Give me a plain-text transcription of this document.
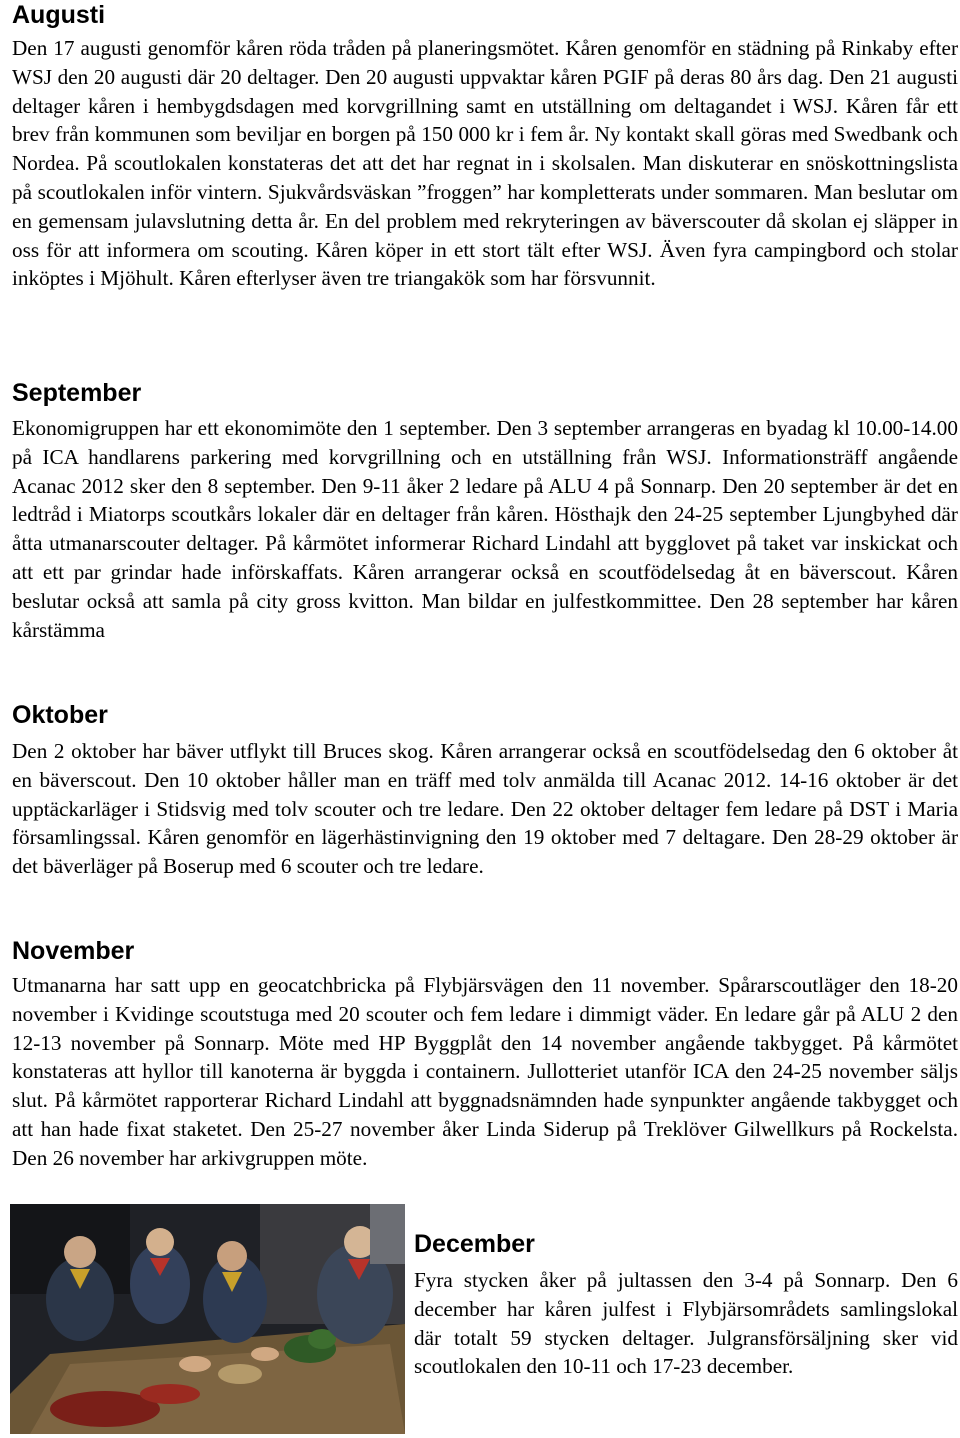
Augusti

Den 17 augusti genomför kåren röda tråden på planeringsmötet. Kåren genomför en städning på Rinkaby efter WSJ den 20 augusti där 20 deltager. Den 20 augusti uppvaktar kåren PGIF på deras 80 års dag. Den 21 augusti deltager kåren i hembygdsdagen med korvgrillning samt en utställning om deltagandet i WSJ. Kåren får ett brev från kommunen som beviljar en borgen på 150 000 kr i fem år. Ny kontakt skall göras med Swedbank och Nordea. På scoutlokalen konstateras det att det har regnat in i skolsalen. Man diskuterar en snöskottningslista på scoutlokalen inför vintern. Sjukvårdsväskan ”froggen” har kompletterats under sommaren. Man beslutar om en gemensam julavslutning detta år. En del problem med rekryteringen av bäverscouter då skolan ej släpper in oss för att informera om scouting. Kåren köper in ett stort tält efter WSJ. Även fyra campingbord och stolar inköptes i Mjöhult. Kåren efterlyser även tre triangakök som har försvunnit.

September

Ekonomigruppen har ett ekonomimöte den 1 september. Den 3 september arrangeras en byadag kl 10.00-14.00 på ICA handlarens parkering med korvgrillning och en utställning från WSJ. Informationsträff angående Acanac 2012 sker den 8 september. Den 9-11 åker 2 ledare på ALU 4 på Sonnarp. Den 20 september är det en ledtråd i Miatorps scoutkårs lokaler där en deltager från kåren. Hösthajk den 24-25 september Ljungbyhed där åtta utmanarscouter deltager. På kårmötet informerar Richard Lindahl att bygglovet på taket var inskickat och att ett par grindar hade införskaffats. Kåren arrangerar också en scoutfödelsedag åt en bäverscout. Kåren beslutar också att samla på city gross kvitton. Man bildar en julfestkommittee. Den 28 september har kåren kårstämma

Oktober

Den 2 oktober har bäver utflykt till Bruces skog. Kåren arrangerar också en scoutfödelsedag den 6 oktober åt en bäverscout. Den 10 oktober håller man en träff med tolv anmälda till Acanac 2012. 14-16 oktober är det upptäckarläger i Stidsvig med tolv scouter och tre ledare. Den 22 oktober deltager fem ledare på DST i Maria församlingssal. Kåren genomför en lägerhästinvigning den 19 oktober med 7 deltagare. Den 28-29 oktober är det bäverläger på Boserup med 6 scouter och tre ledare.

November

Utmanarna har satt upp en geocatchbricka på Flybjärsvägen den 11 november. Spårarscoutläger den 18-20 november i Kvidinge scoutstuga med 20 scouter och fem ledare i dimmigt väder. En ledare går på ALU 2 den 12-13 november på Sonnarp. Möte med HP Byggplåt den 14 november angående takbygget. På kårmötet konstateras att hyllor till kanoterna är byggda i containern. Jullotteriet utanför ICA den 24-25 november säljs slut. På kårmötet rapporterar Richard Lindahl att byggnadsnämnden hade synpunkter angående takbygget och att han hade fixat staketet. Den 25-27 november åker Linda Siderup på Treklöver Gilwellkurs på Rockelsta. Den 26 november har arkivgruppen möte.

December

Fyra stycken åker på jultassen den 3-4 på Sonnarp. Den 6 december har kåren julfest i Flybjärsområdets samlingslokal där totalt 59 stycken deltager. Julgransförsäljning sker vid scoutlokalen den 10-11 och 17-23 december.
